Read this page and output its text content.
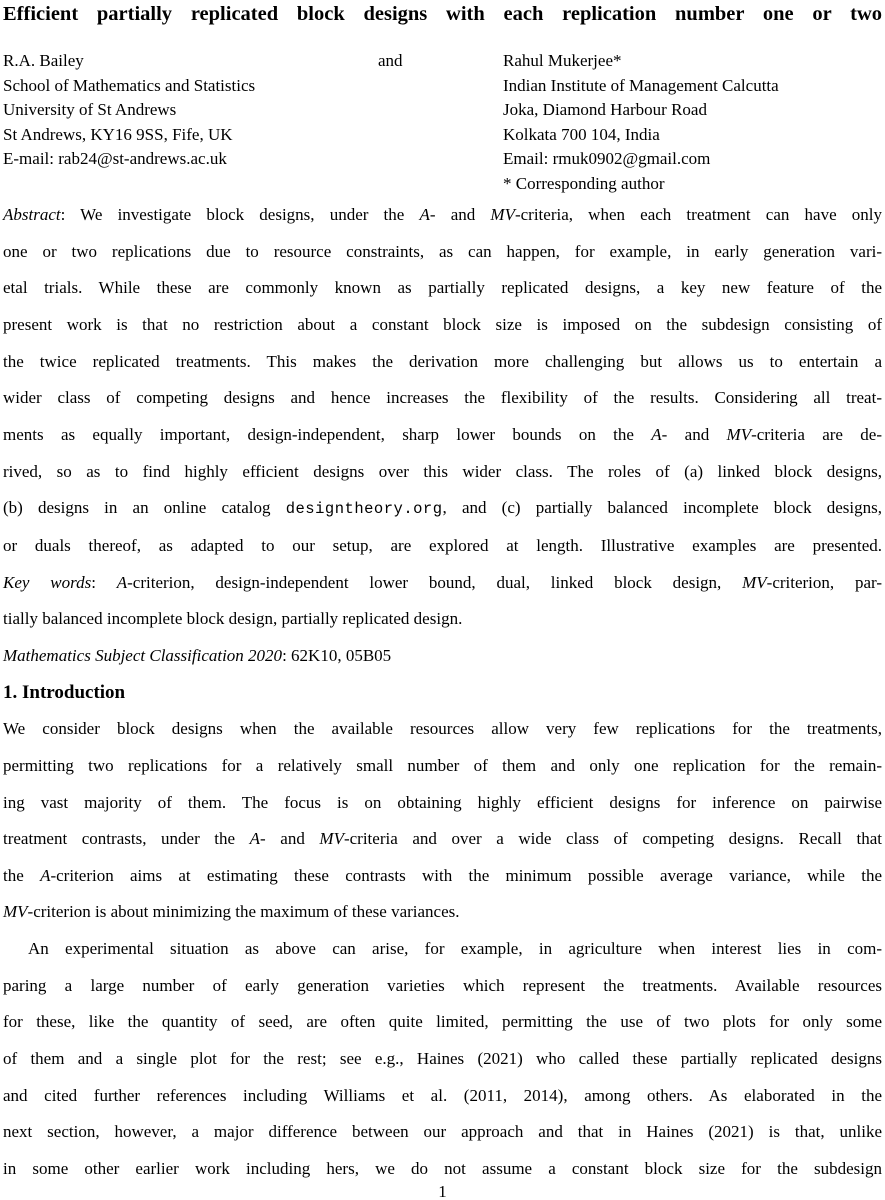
Efficient partially replicated block designs with each replication number one or two
R.A. Bailey
School of Mathematics and Statistics
University of St Andrews
St Andrews, KY16 9SS, Fife, UK
E-mail: rab24@st-andrews.ac.uk
and	Rahul Mukerjee*
Indian Institute of Management Calcutta
Joka, Diamond Harbour Road
Kolkata 700 104, India
Email: rmuk0902@gmail.com
* Corresponding author
Abstract: We investigate block designs, under the A- and MV-criteria, when each treatment can have only
one or two replications due to resource constraints, as can happen, for example, in early generation vari-
etal trials. While these are commonly known as partially replicated designs, a key new feature of the
present work is that no restriction about a constant block size is imposed on the subdesign consisting of
the twice replicated treatments. This makes the derivation more challenging but allows us to entertain a
wider class of competing designs and hence increases the flexibility of the results. Considering all treat-
ments as equally important, design-independent, sharp lower bounds on the A- and MV-criteria are de-
rived, so as to find highly efficient designs over this wider class. The roles of (a) linked block designs,
(b) designs in an online catalog designtheory.org, and (c) partially balanced incomplete block designs,
or duals thereof, as adapted to our setup, are explored at length. Illustrative examples are presented.
Key words: A-criterion, design-independent lower bound, dual, linked block design, MV-criterion, par-
tially balanced incomplete block design, partially replicated design.
Mathematics Subject Classification 2020: 62K10, 05B05
1. Introduction
We consider block designs when the available resources allow very few replications for the treatments,
permitting two replications for a relatively small number of them and only one replication for the remain-
ing vast majority of them. The focus is on obtaining highly efficient designs for inference on pairwise
treatment contrasts, under the A- and MV-criteria and over a wide class of competing designs. Recall that
the A-criterion aims at estimating these contrasts with the minimum possible average variance, while the
MV-criterion is about minimizing the maximum of these variances.
An experimental situation as above can arise, for example, in agriculture when interest lies in com-
paring a large number of early generation varieties which represent the treatments. Available resources
for these, like the quantity of seed, are often quite limited, permitting the use of two plots for only some
of them and a single plot for the rest; see e.g., Haines (2021) who called these partially replicated designs
and cited further references including Williams et al. (2011, 2014), among others. As elaborated in the
next section, however, a major difference between our approach and that in Haines (2021) is that, unlike
in some other earlier work including hers, we do not assume a constant block size for the subdesign
1
